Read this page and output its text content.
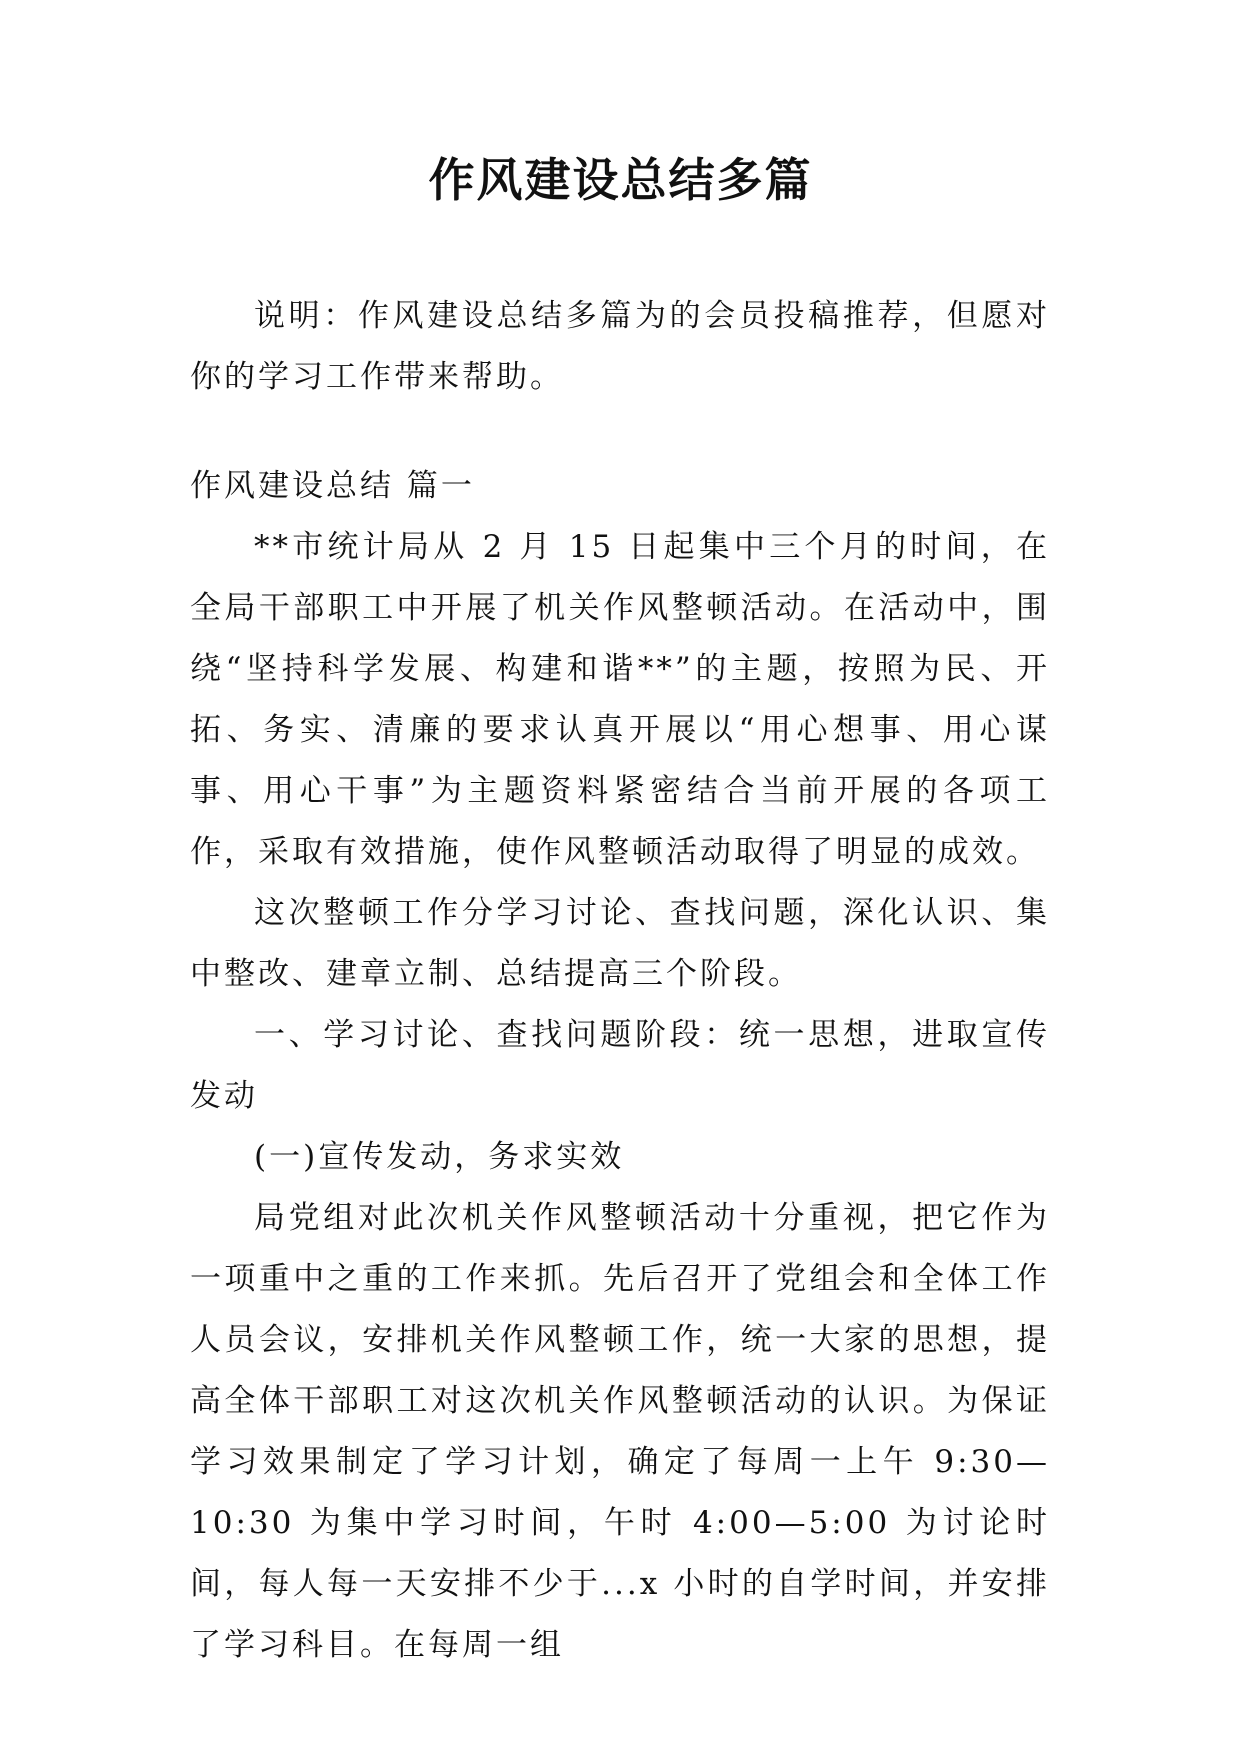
作风建设总结多篇

说明：作风建设总结多篇为的会员投稿推荐，但愿对你的学习工作带来帮助。

作风建设总结 篇一

**市统计局从 2 月 15 日起集中三个月的时间，在全局干部职工中开展了机关作风整顿活动。在活动中，围绕“坚持科学发展、构建和谐**”的主题，按照为民、开拓、务实、清廉的要求认真开展以“用心想事、用心谋事、用心干事”为主题资料紧密结合当前开展的各项工作，采取有效措施，使作风整顿活动取得了明显的成效。

这次整顿工作分学习讨论、查找问题，深化认识、集中整改、建章立制、总结提高三个阶段。

一、学习讨论、查找问题阶段：统一思想，进取宣传发动

(一)宣传发动，务求实效

局党组对此次机关作风整顿活动十分重视，把它作为一项重中之重的工作来抓。先后召开了党组会和全体工作人员会议，安排机关作风整顿工作，统一大家的思想，提高全体干部职工对这次机关作风整顿活动的认识。为保证学习效果制定了学习计划，确定了每周一上午 9:30—10:30 为集中学习时间，午时 4:00—5:00 为讨论时间，每人每一天安排不少于...x 小时的自学时间，并安排了学习科目。在每周一组
